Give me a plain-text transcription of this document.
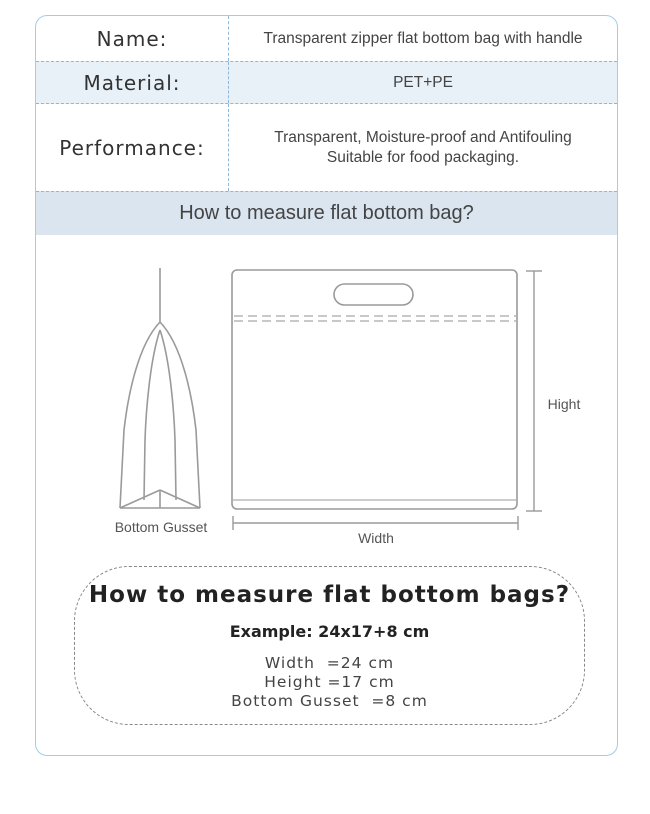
Name:	Transparent zipper flat bottom bag with handle
Material:	PET+PE
Performance:	Transparent, Moisture-proof and Antifouling
Suitable for food packaging.
How to measure flat bottom bag?
Bottom Gusset
Hight
Width
How to measure flat bottom bags?
Example: 24x17+8 cm
Width  =24 cm
Height =17 cm
Bottom Gusset  =8 cm
